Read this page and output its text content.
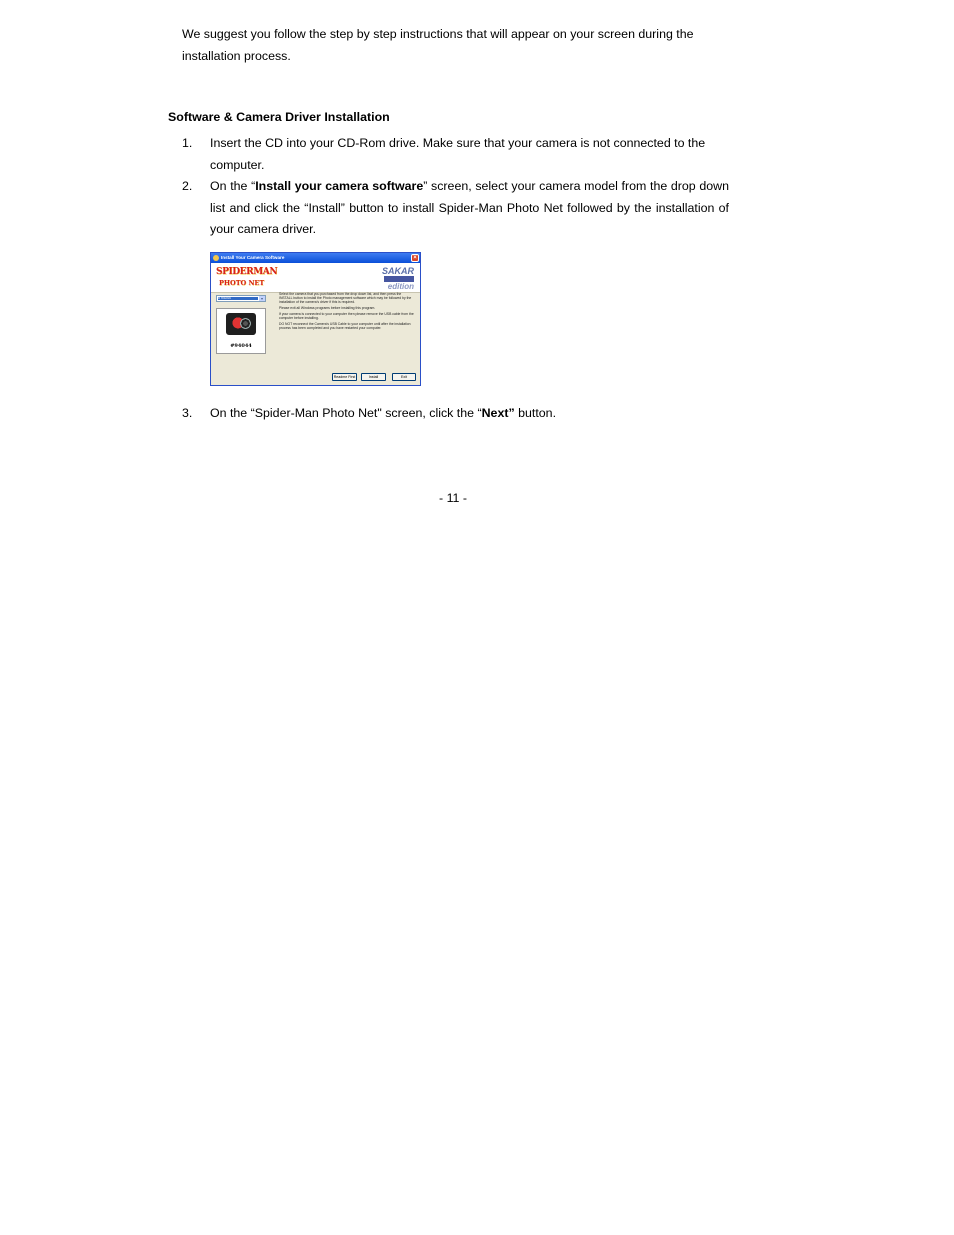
We suggest you follow the step by step instructions that will appear on your screen during the installation process.

Software & Camera Driver Installation

1. Insert the CD into your CD-Rom drive. Make sure that your camera is not connected to the computer.

2. On the “Install your camera software” screen, select your camera model from the drop down list and click the “Install” button to install Spider-Man Photo Net followed by the installation of your camera driver.

Install Your Camera Software	×
SPIDERMAN
PHOTO NET
SAKAR
edition
# 94044	▾
#94044

Select the camera that you purchased from the drop down list, and then press the INSTALL button to install the Photo management software which may be followed by the installation of the camera's driver if this is required.

Please exit all Windows programs before installing this program.

If your camera is connected to your computer then please remove the USB cable from the computer before installing.

DO NOT reconnect the Camera's USB Cable to your computer until after the installation process has been completed and you have restarted your computer.

Readme First	Install	Exit
3. On the “Spider-Man Photo Net" screen, click the “Next” button.

- 11 -
